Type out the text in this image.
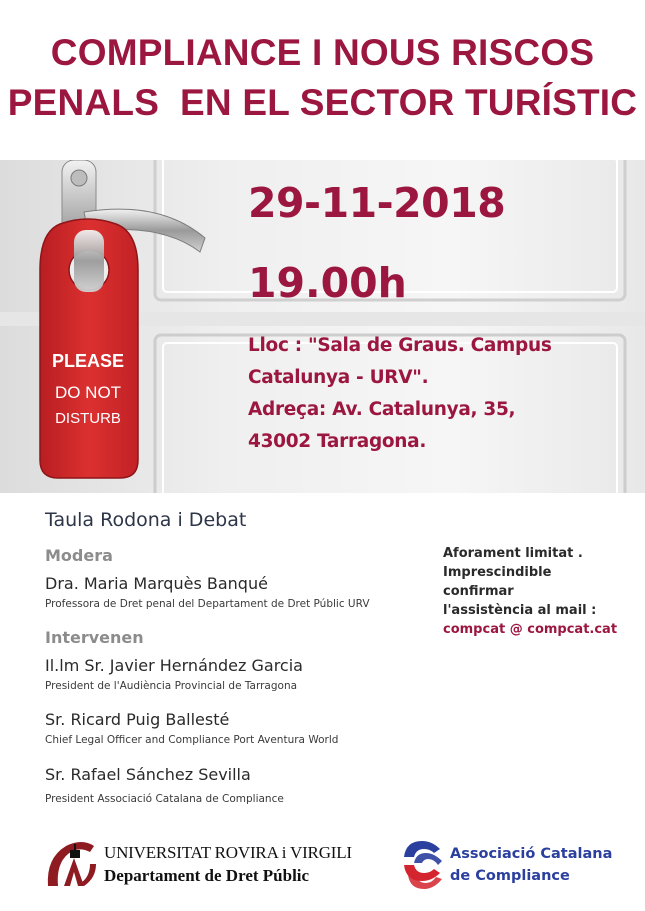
COMPLIANCE I NOUS RISCOS
PENALS  EN EL SECTOR TURÍSTIC
PLEASE
DO NOT
DISTURB

29-11-2018

19.00h

Lloc : "Sala de Graus. Campus
Catalunya - URV".
Adreça: Av. Catalunya, 35,
43002 Tarragona.
Taula Rodona i Debat
Modera
Dra. Maria Marquès Banqué
Professora de Dret penal del Departament de Dret Públic URV
Intervenen
Il.lm Sr. Javier Hernández Garcia
President de l'Audiència Provincial de Tarragona
Sr. Ricard Puig Ballesté
Chief Legal Officer and Compliance Port Aventura World
Sr. Rafael Sánchez Sevilla
President Associació Catalana de Compliance
Aforament limitat .
Imprescindible
confirmar
l'assistència al mail :
compcat @ compcat.cat
UNIVERSITAT ROVIRA i VIRGILI
Departament de Dret Públic
Associació Catalana
de Compliance
